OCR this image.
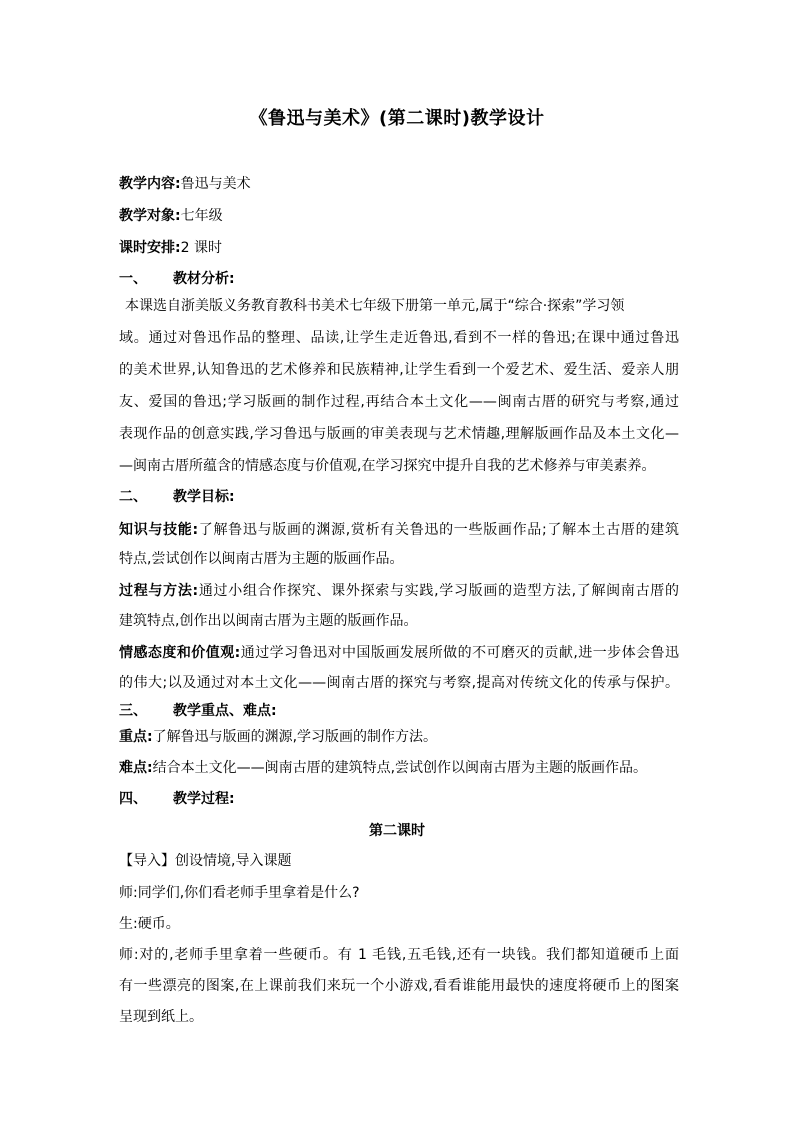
《鲁迅与美术》(第二课时)教学设计
教学内容:鲁迅与美术
教学对象:七年级
课时安排:2 课时
一、 教材分析:
本课选自浙美版义务教育教科书美术七年级下册第一单元,属于“综合·探索”学习领
域。通过对鲁迅作品的整理、品读,让学生走近鲁迅,看到不一样的鲁迅;在课中通过鲁迅
的美术世界,认知鲁迅的艺术修养和民族精神,让学生看到一个爱艺术、爱生活、爱亲人朋
友、爱国的鲁迅;学习版画的制作过程,再结合本土文化——闽南古厝的研究与考察,通过
表现作品的创意实践,学习鲁迅与版画的审美表现与艺术情趣,理解版画作品及本土文化—
—闽南古厝所蕴含的情感态度与价值观,在学习探究中提升自我的艺术修养与审美素养。
二、 教学目标:
知识与技能:了解鲁迅与版画的渊源,赏析有关鲁迅的一些版画作品;了解本土古厝的建筑
特点,尝试创作以闽南古厝为主题的版画作品。
过程与方法:通过小组合作探究、课外探索与实践,学习版画的造型方法,了解闽南古厝的
建筑特点,创作出以闽南古厝为主题的版画作品。
情感态度和价值观:通过学习鲁迅对中国版画发展所做的不可磨灭的贡献,进一步体会鲁迅
的伟大;以及通过对本土文化——闽南古厝的探究与考察,提高对传统文化的传承与保护。
三、 教学重点、难点:
重点:了解鲁迅与版画的渊源,学习版画的制作方法。
难点:结合本土文化——闽南古厝的建筑特点,尝试创作以闽南古厝为主题的版画作品。
四、 教学过程:
第二课时
【导入】创设情境,导入课题
师:同学们,你们看老师手里拿着是什么?
生:硬币。
师:对的,老师手里拿着一些硬币。有 1 毛钱,五毛钱,还有一块钱。我们都知道硬币上面
有一些漂亮的图案,在上课前我们来玩一个小游戏,看看谁能用最快的速度将硬币上的图案
呈现到纸上。
